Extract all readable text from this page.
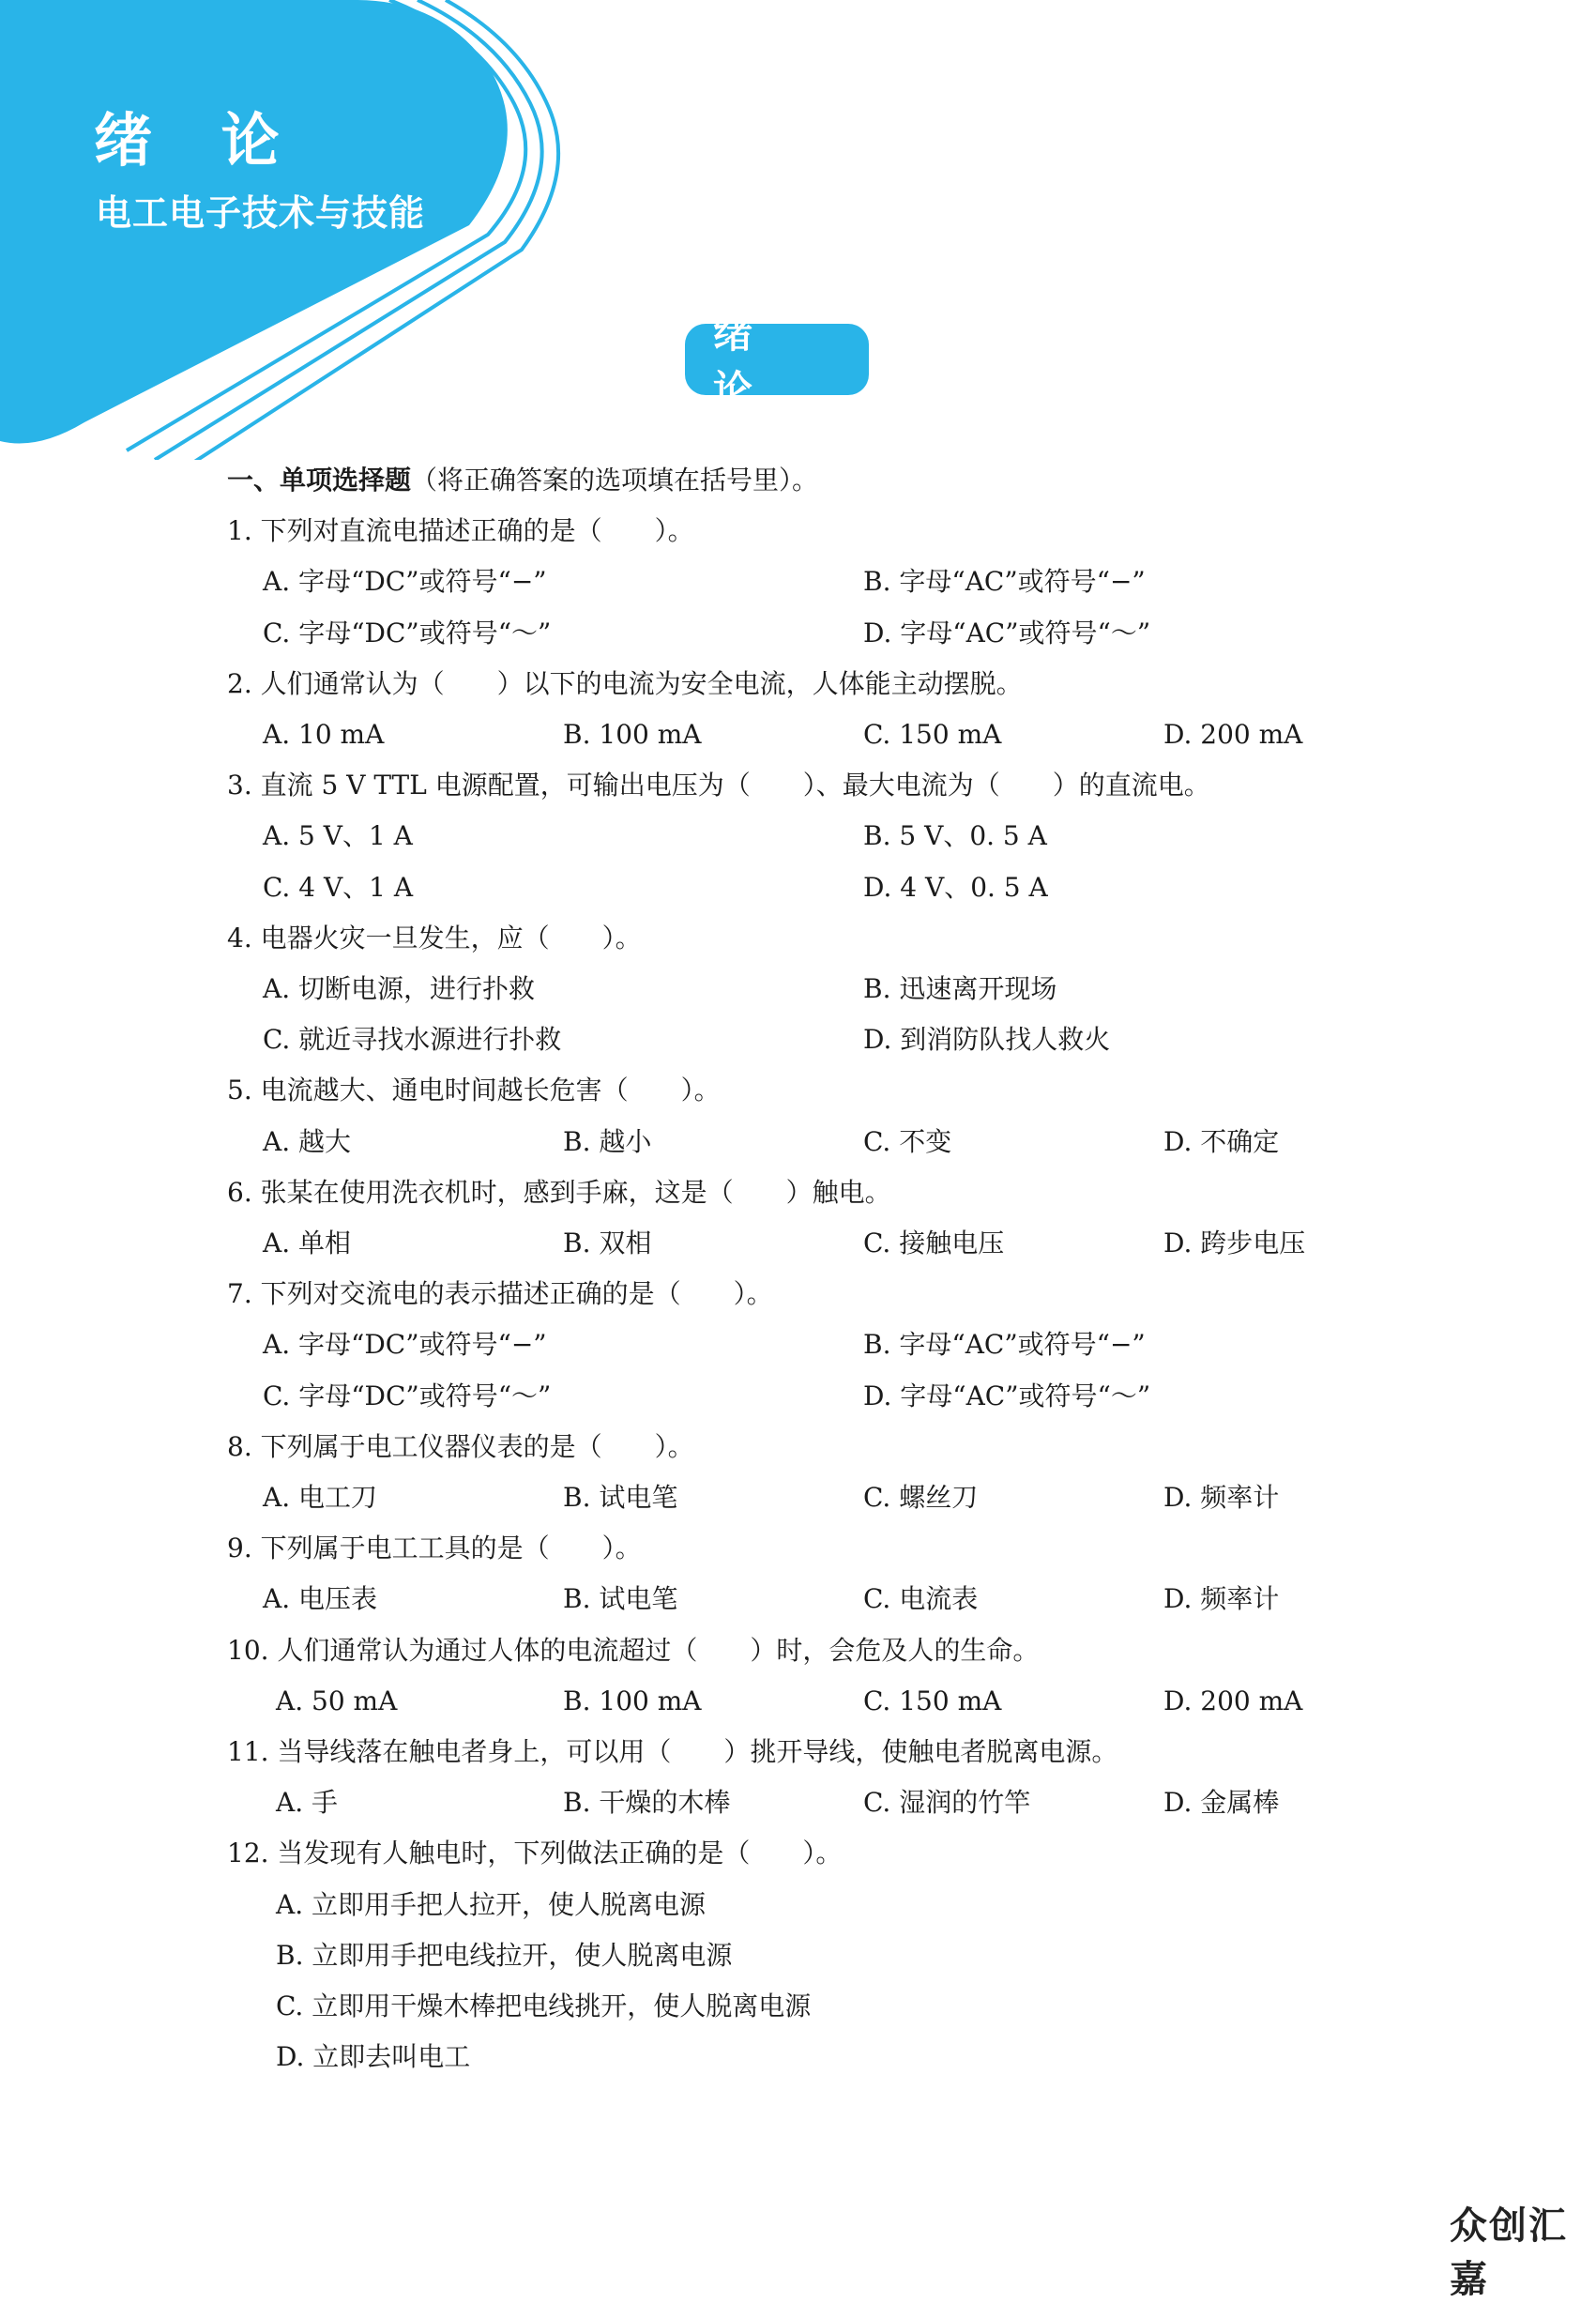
绪 论
电工电子技术与技能
绪 论
一、单项选择题（将正确答案的选项填在括号里）。
1. 下列对直流电描述正确的是（　　）。
A. 字母“DC”或符号“−”	B. 字母“AC”或符号“−”
C. 字母“DC”或符号“～”	D. 字母“AC”或符号“～”
2. 人们通常认为（　　）以下的电流为安全电流，人体能主动摆脱。
A. 10 mA	B. 100 mA	C. 150 mA	D. 200 mA
3. 直流 5 V TTL 电源配置，可输出电压为（　　）、最大电流为（　　）的直流电。
A. 5 V、1 A	B. 5 V、0. 5 A
C. 4 V、1 A	D. 4 V、0. 5 A
4. 电器火灾一旦发生，应（　　）。
A. 切断电源，进行扑救	B. 迅速离开现场
C. 就近寻找水源进行扑救	D. 到消防队找人救火
5. 电流越大、通电时间越长危害（　　）。
A. 越大	B. 越小	C. 不变	D. 不确定
6. 张某在使用洗衣机时，感到手麻，这是（　　）触电。
A. 单相	B. 双相	C. 接触电压	D. 跨步电压
7. 下列对交流电的表示描述正确的是（　　）。
A. 字母“DC”或符号“−”	B. 字母“AC”或符号“−”
C. 字母“DC”或符号“～”	D. 字母“AC”或符号“～”
8. 下列属于电工仪器仪表的是（　　）。
A. 电工刀	B. 试电笔	C. 螺丝刀	D. 频率计
9. 下列属于电工工具的是（　　）。
A. 电压表	B. 试电笔	C. 电流表	D. 频率计
10. 人们通常认为通过人体的电流超过（　　）时，会危及人的生命。
A. 50 mA	B. 100 mA	C. 150 mA	D. 200 mA
11. 当导线落在触电者身上，可以用（　　）挑开导线，使触电者脱离电源。
A. 手	B. 干燥的木棒	C. 湿润的竹竿	D. 金属棒
12. 当发现有人触电时，下列做法正确的是（　　）。
A. 立即用手把人拉开，使人脱离电源
B. 立即用手把电线拉开，使人脱离电源
C. 立即用干燥木棒把电线挑开，使人脱离电源
D. 立即去叫电工
众创汇嘉
